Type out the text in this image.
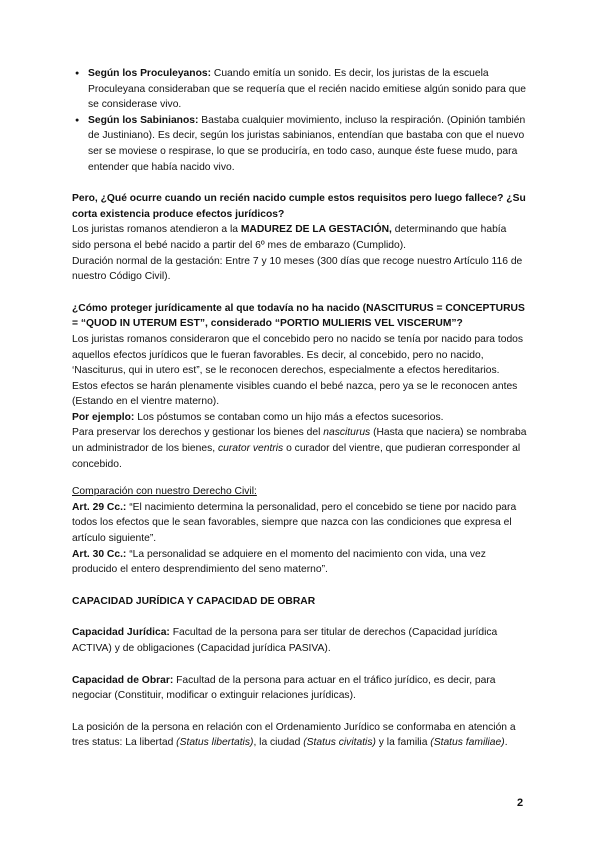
● Según los Proculeyanos: Cuando emitía un sonido. Es decir, los juristas de la escuela Proculeyana consideraban que se requería que el recién nacido emitiese algún sonido para que se considerase vivo.
● Según los Sabinianos: Bastaba cualquier movimiento, incluso la respiración. (Opinión también de Justiniano). Es decir, según los juristas sabinianos, entendían que bastaba con que el nuevo ser se moviese o respirase, lo que se produciría, en todo caso, aunque éste fuese mudo, para entender que había nacido vivo.

Pero, ¿Qué ocurre cuando un recién nacido cumple estos requisitos pero luego fallece? ¿Su corta existencia produce efectos jurídicos?

Los juristas romanos atendieron a la MADUREZ DE LA GESTACIÓN, determinando que había sido persona el bebé nacido a partir del 6º mes de embarazo (Cumplido).

Duración normal de la gestación: Entre 7 y 10 meses (300 días que recoge nuestro Artículo 116 de nuestro Código Civil).

¿Cómo proteger jurídicamente al que todavía no ha nacido (NASCITURUS = CONCEPTURUS = “QUOD IN UTERUM EST”, considerado “PORTIO MULIERIS VEL VISCERUM”?

Los juristas romanos consideraron que el concebido pero no nacido se tenía por nacido para todos aquellos efectos jurídicos que le fueran favorables. Es decir, al concebido, pero no nacido, ‘Nasciturus, qui in utero est”, se le reconocen derechos, especialmente a efectos hereditarios.

Estos efectos se harán plenamente visibles cuando el bebé nazca, pero ya se le reconocen antes (Estando en el vientre materno).

Por ejemplo: Los póstumos se contaban como un hijo más a efectos sucesorios.

Para preservar los derechos y gestionar los bienes del nasciturus (Hasta que naciera) se nombraba un administrador de los bienes, curator ventris o curador del vientre, que pudieran corresponder al concebido.

Comparación con nuestro Derecho Civil:

Art. 29 Cc.: “El nacimiento determina la personalidad, pero el concebido se tiene por nacido para todos los efectos que le sean favorables, siempre que nazca con las condiciones que expresa el artículo siguiente”.

Art. 30 Cc.: “La personalidad se adquiere en el momento del nacimiento con vida, una vez producido el entero desprendimiento del seno materno”.

CAPACIDAD JURÍDICA Y CAPACIDAD DE OBRAR

Capacidad Jurídica: Facultad de la persona para ser titular de derechos (Capacidad jurídica ACTIVA) y de obligaciones (Capacidad jurídica PASIVA).

Capacidad de Obrar: Facultad de la persona para actuar en el tráfico jurídico, es decir, para negociar (Constituir, modificar o extinguir relaciones jurídicas).

La posición de la persona en relación con el Ordenamiento Jurídico se conformaba en atención a tres status: La libertad (Status libertatis), la ciudad (Status civitatis) y la familia (Status familiae).

2
